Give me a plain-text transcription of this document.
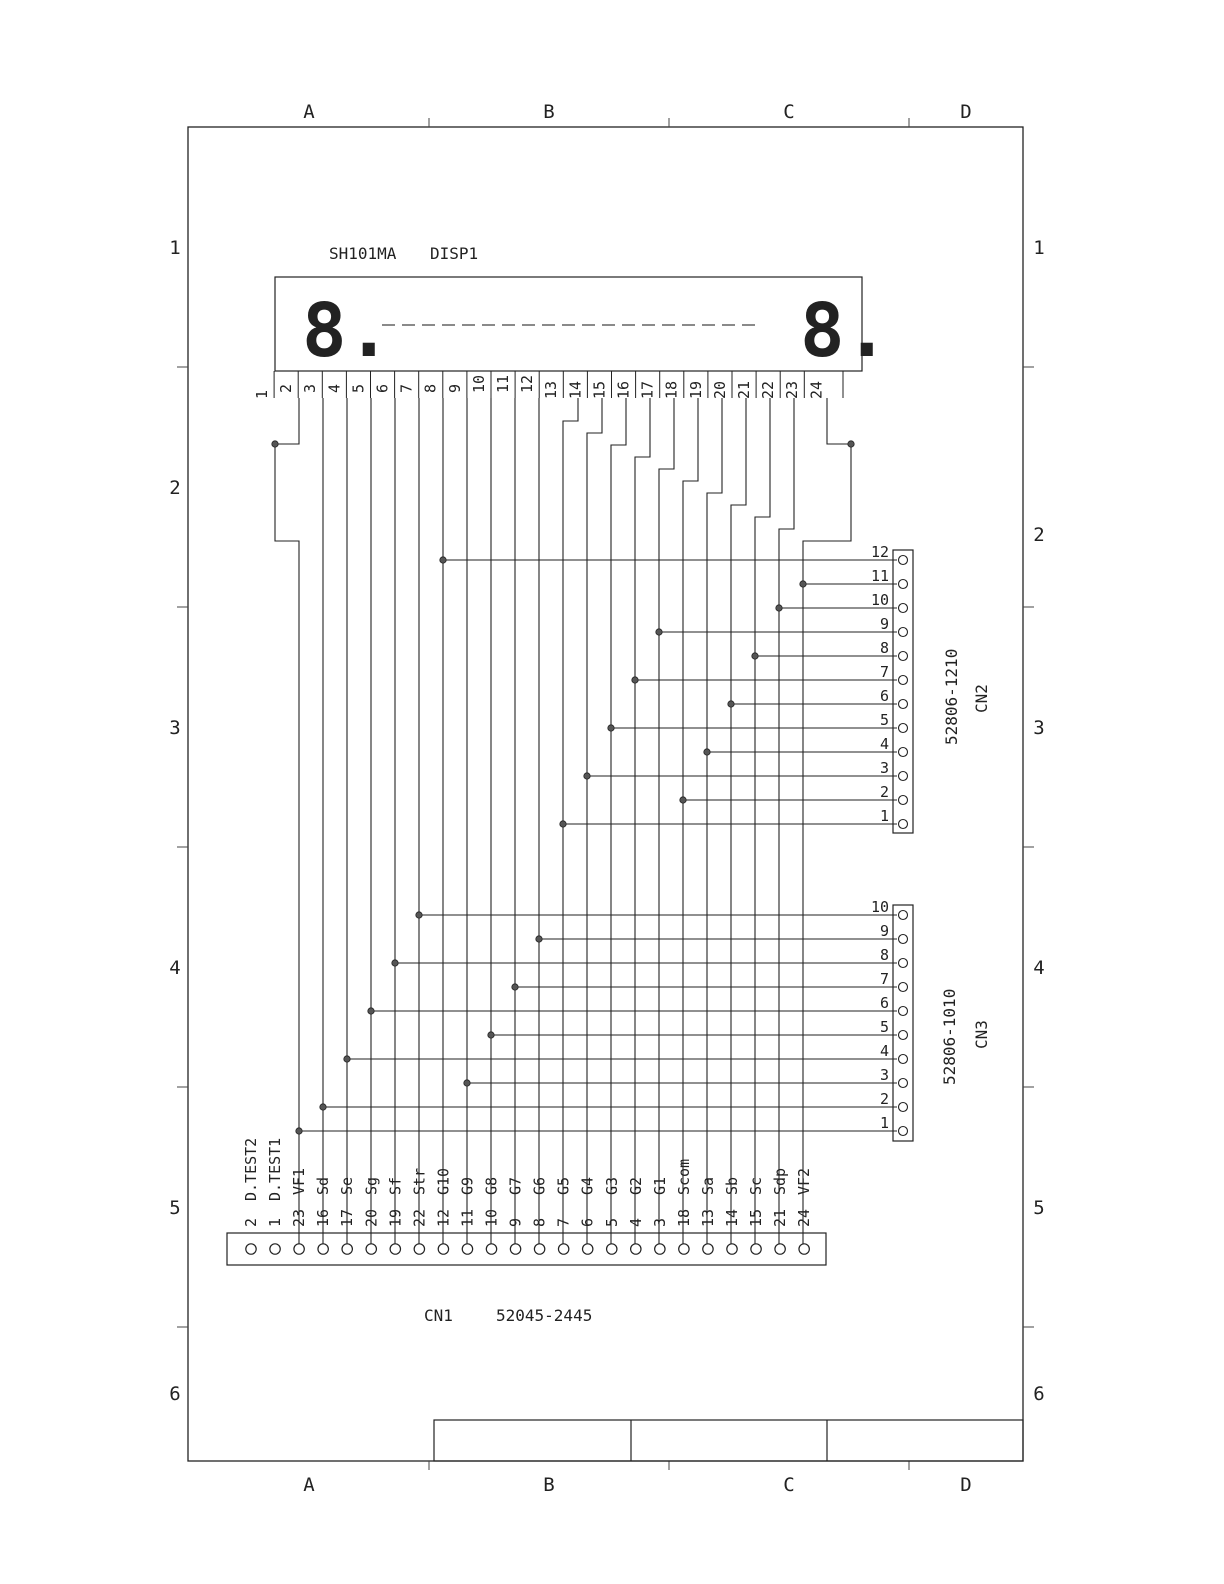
A	B	C	D
A	B	C	D
1
2
3
4
5
6
1
2
3
4
5
6
SH101MA DISP1
8.	8.
1
2 3 4 5 6 7 8 9 10 11 12 13 14 15 16 17 18 19 20 21 22 23 24
12
11
10
9
8
7
6
5
4
3
2
1
10
9
8
7
6
5
4
3
2
1
2
D.TEST2
1
D.TEST1
23
VF1
16
Sd
17
Se
20
Sg
19
Sf
22
Str
12
G10
11
G9
10
G8
9
G7
8
G6
7
G5
6
G4
5
G3
4
G2
3
G1
18
Scom
13
Sa
14
Sb
15
Sc
21
Sdp
24
VF2
52806-1210 CN2
52806-1010 CN3
CN1	52045-2445
